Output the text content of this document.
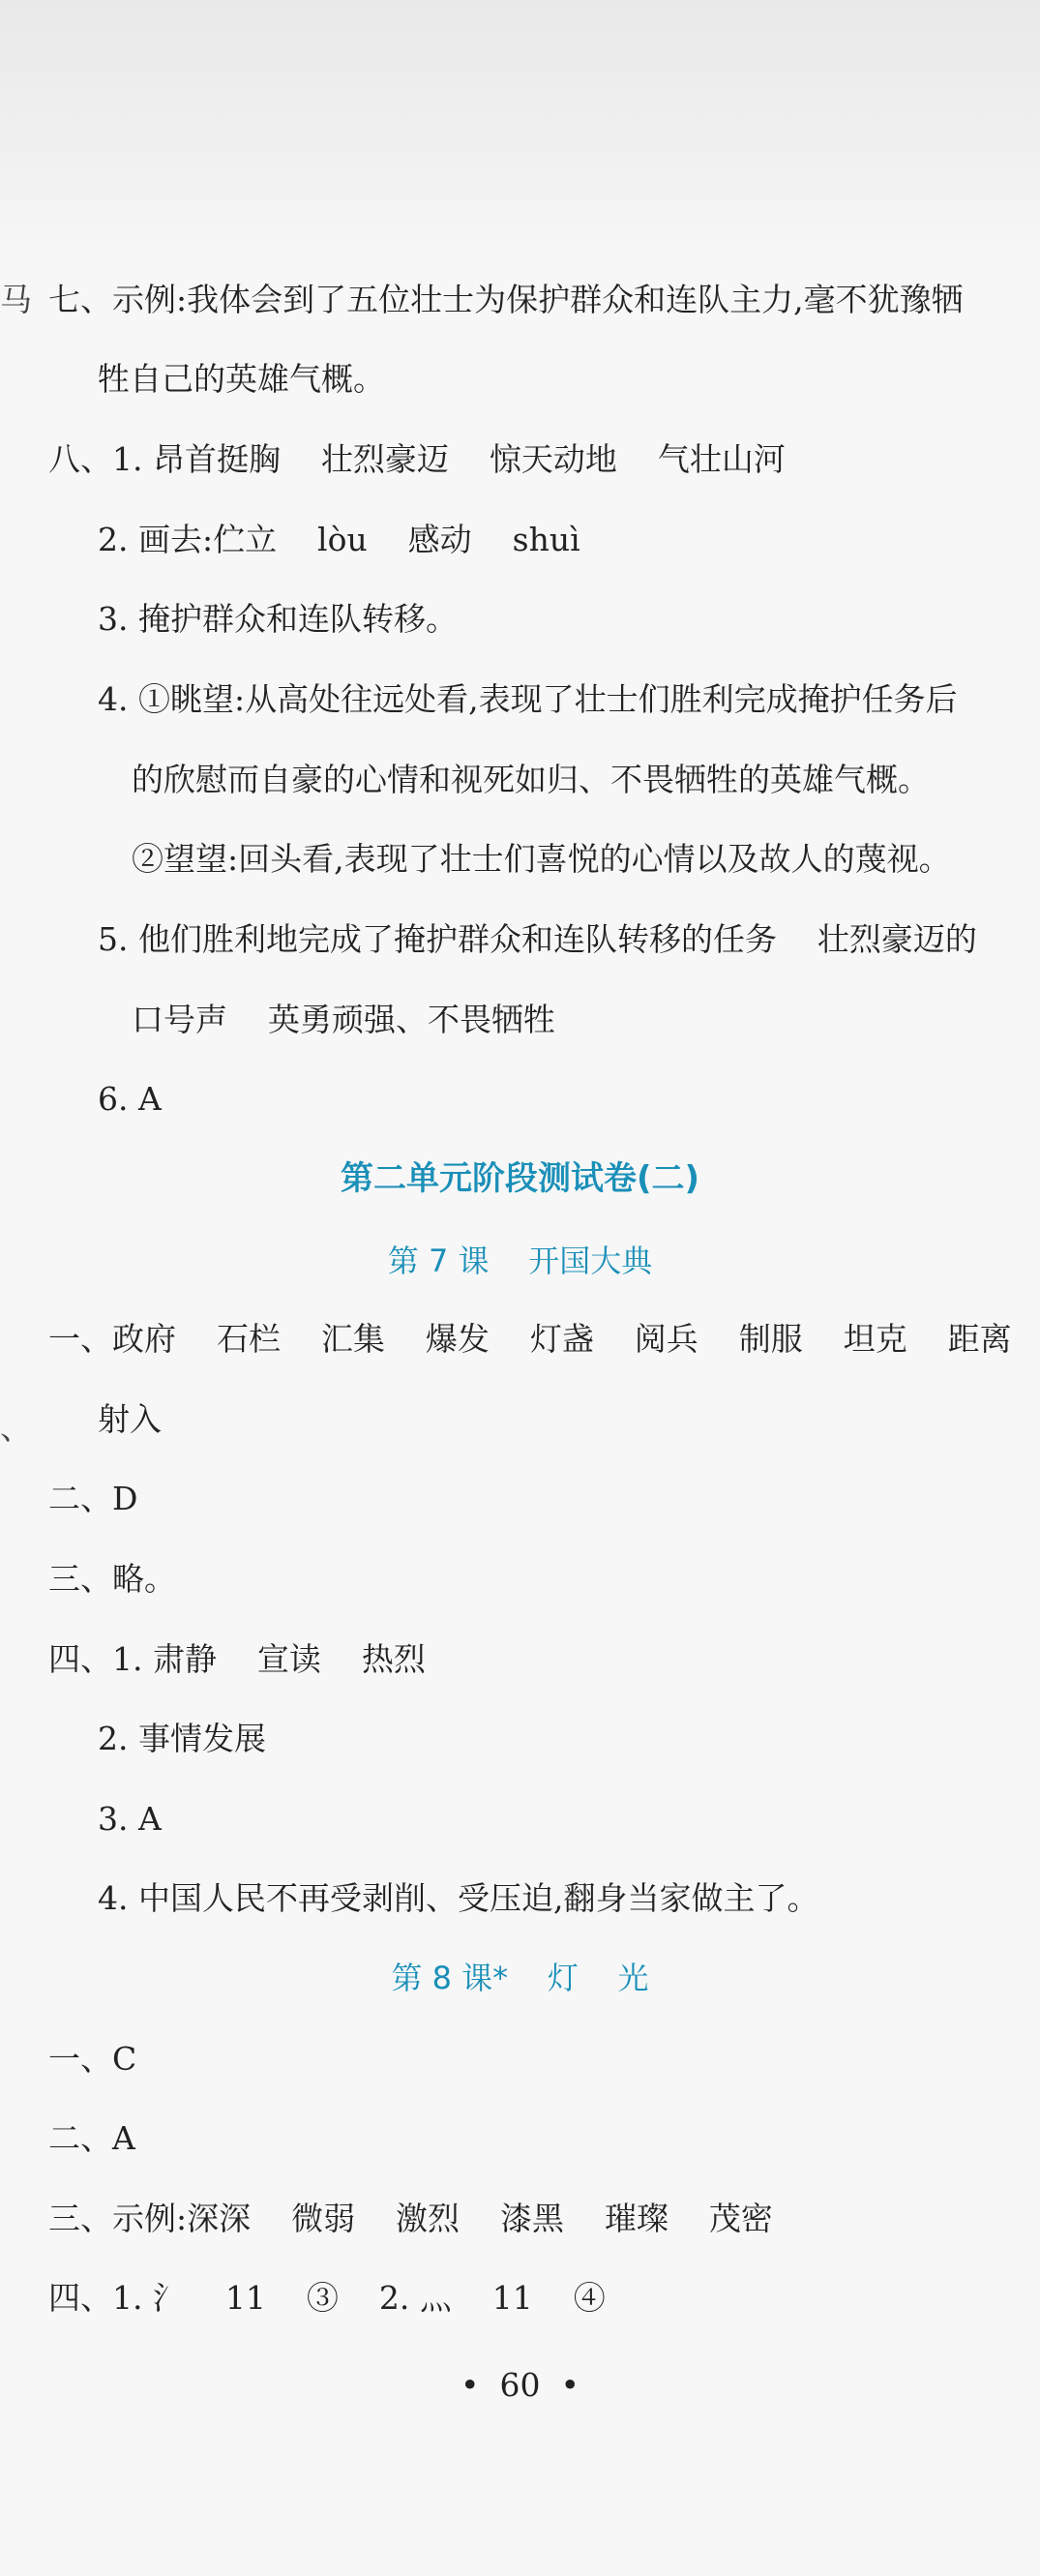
马
、
七、示例:我体会到了五位壮士为保护群众和连队主力,毫不犹豫牺
牲自己的英雄气概。
八、1. 昂首挺胸    壮烈豪迈    惊天动地    气壮山河
2. 画去:伫立    lòu    感动    shuì
3. 掩护群众和连队转移。
4. ①眺望:从高处往远处看,表现了壮士们胜利完成掩护任务后
的欣慰而自豪的心情和视死如归、不畏牺牲的英雄气概。
②望望:回头看,表现了壮士们喜悦的心情以及故人的蔑视。
5. 他们胜利地完成了掩护群众和连队转移的任务    壮烈豪迈的
口号声    英勇顽强、不畏牺牲
6. A
第二单元阶段测试卷(二)
第 7 课    开国大典
一、政府    石栏    汇集    爆发    灯盏    阅兵    制服    坦克    距离
射入
二、D
三、略。
四、1. 肃静    宣读    热烈
2. 事情发展
3. A
4. 中国人民不再受剥削、受压迫,翻身当家做主了。
第 8 课*    灯    光
一、C
二、A
三、示例:深深    微弱    激烈    漆黑    璀璨    茂密
四、1. 氵    11    ③    2. 灬    11    ④
•  60  •
